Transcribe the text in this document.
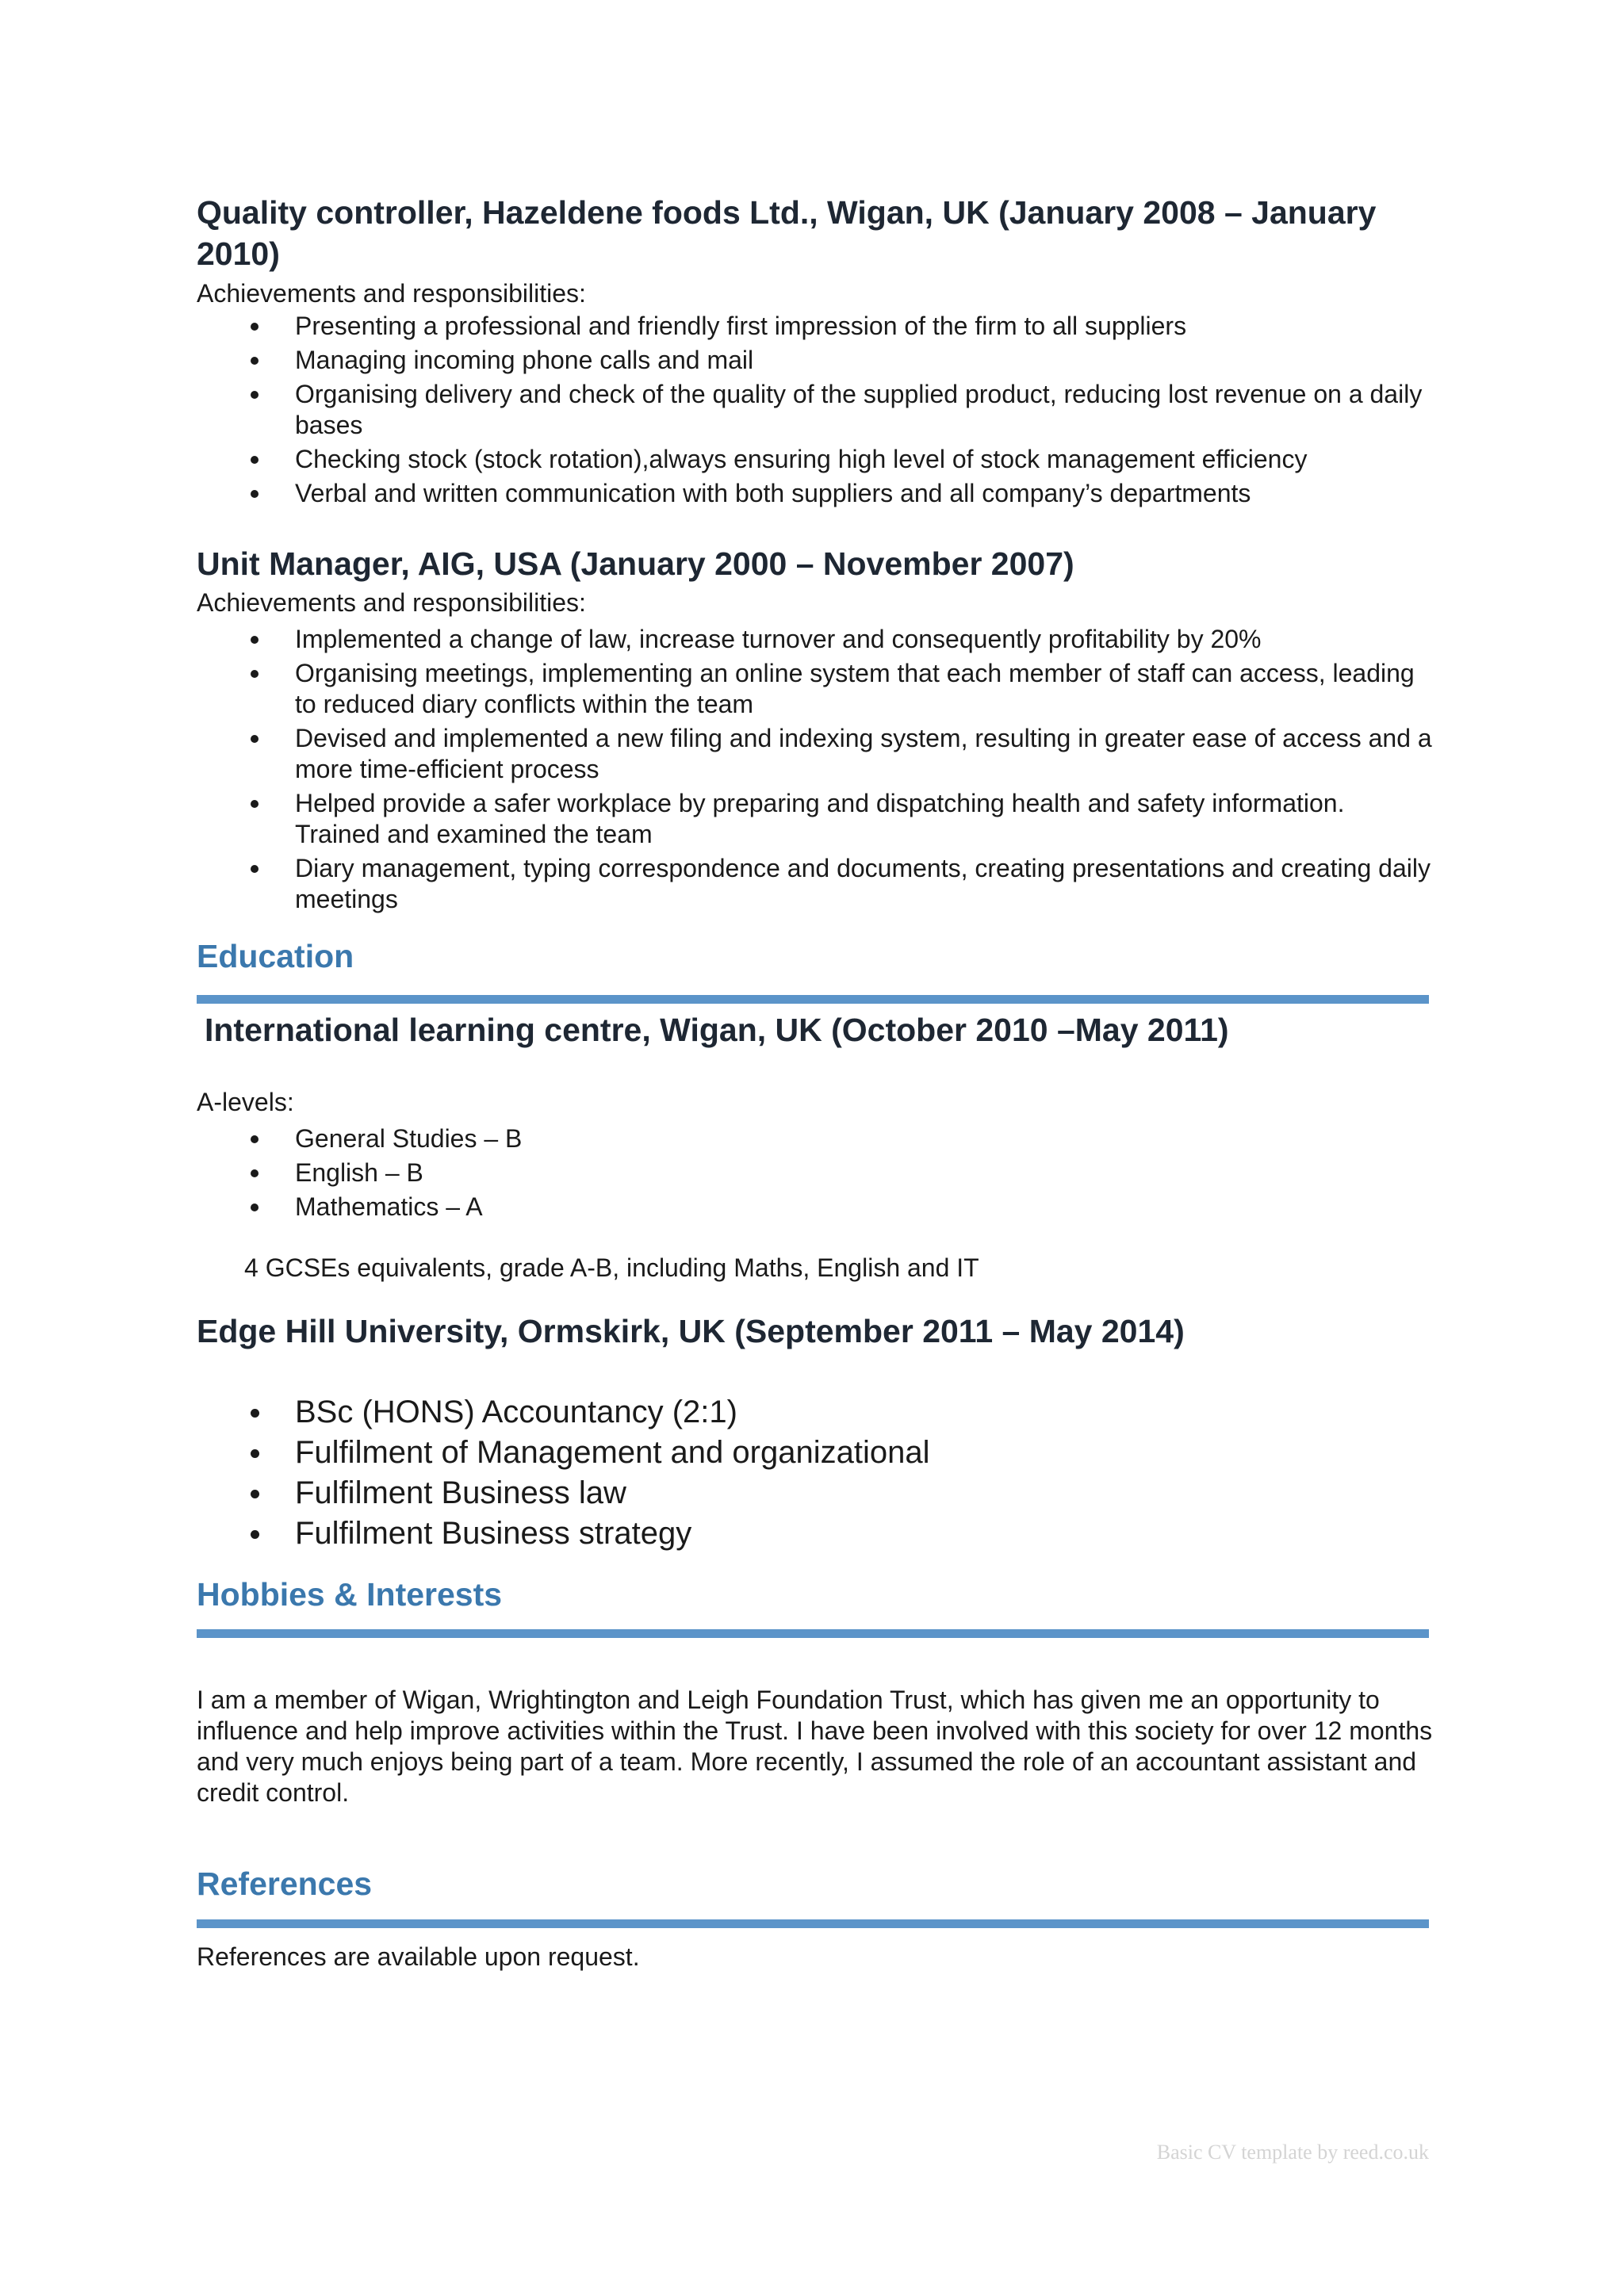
Quality controller, Hazeldene foods Ltd., Wigan, UK (January 2008 – January 2010)

Achievements and responsibilities:

Presenting a professional and friendly first impression of the firm to all suppliers
Managing incoming phone calls and mail
Organising delivery and check of the quality of the supplied product, reducing lost revenue on a daily bases
Checking stock (stock rotation),always ensuring high level of stock management efficiency
Verbal and written communication with both suppliers and all company’s departments
Unit Manager, AIG, USA (January 2000 – November 2007)

Achievements and responsibilities:

Implemented a change of law, increase turnover and consequently profitability by 20%
Organising meetings, implementing an online system that each member of staff can access, leading to reduced diary conflicts within the team
Devised and implemented a new filing and indexing system, resulting in greater ease of access and a more time-efficient process
Helped provide a safer workplace by preparing and dispatching health and safety information. Trained and examined the team
Diary management, typing correspondence and documents, creating presentations and creating daily meetings
Education
International learning centre, Wigan, UK (October 2010 –May 2011)

A-levels:

General Studies – B
English – B
Mathematics – A

4 GCSEs equivalents, grade A-B, including Maths, English and IT

Edge Hill University, Ormskirk, UK (September 2011 – May 2014)
BSc (HONS) Accountancy (2:1)
Fulfilment of Management and organizational
Fulfilment Business law
Fulfilment Business strategy
Hobbies & Interests

I am a member of Wigan, Wrightington and Leigh Foundation Trust, which has given me an opportunity to influence and help improve activities within the Trust. I have been involved with this society for over 12 months and very much enjoys being part of a team. More recently, I assumed the role of an accountant assistant and credit control.

References

References are available upon request.

Basic CV template by reed.co.uk
